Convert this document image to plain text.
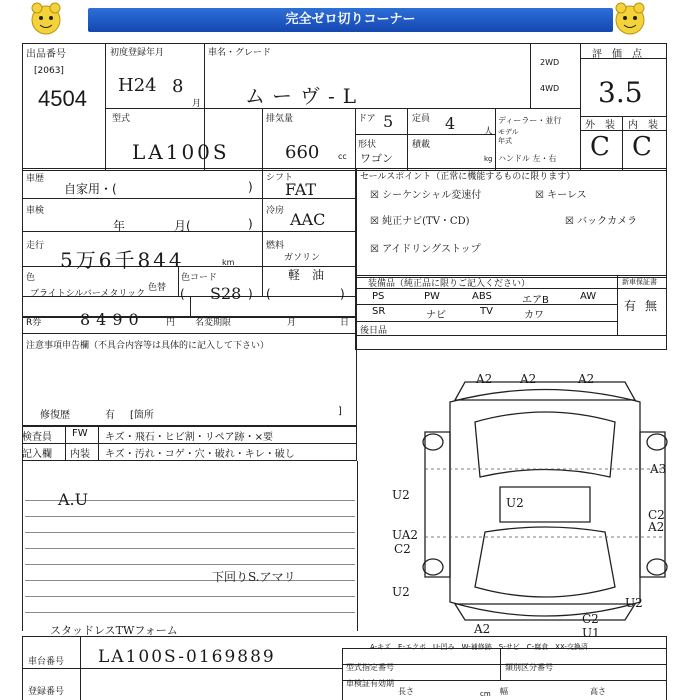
完全ゼロ切りコーナー
出品番号
[2063]
4504
初度登録年月
H24 8
月
車名・グレード
ムーヴ-L
2WD
4WD
評　価　点
3.5
型式
LA100S
排気量
660 cc
ドア 5 定員 4	人
形状
ワゴン
積載
kg
ディーラー・並行
モデル
年式
ハンドル 左・右
外　装 内　装
C C
車歴
自家用・(	)
車検
年	月(	)
走行
5万6千844	km
色
ブライトシルバーメタリック
色替
色コード
( S28 )
シフト
FAT
冷房 AAC
燃料
ガソリン
軽　油
(	)
セールスポイント（正常に機能するものに限ります）
☒ シーケンシャル変速付	☒ キーレス
☒ 純正ナビ(TV・CD)	☒ バックカメラ
☒ アイドリングストップ
装備品（純正品に限りご記入ください）	新車保証書
PS	PW	ABS	エアB	AW
SR	ナビ	TV	カワ
有 無
後日品
R券 8490 円 名変期限	月	日
注意事項申告欄（不具合内容等は具体的に記入して下さい）
修復歴	有 [箇所	]
検査員
記入欄
FW キズ・飛石・ヒビ割・リペア跡・×要
内装 キズ・汚れ・コゲ・穴・破れ・キレ・破し
A.U
下回りS.アマリ
スタッドレスTWフォーム
A2 A2	A2
A3
U2
U2
U2
C2
A2
UA2
C2
U2
A2
C2
U1
A-キズ　E-エクボ　U-凹み　W-補修跡　S-サビ　C-腐食　XX-交換済
車台番号 LA100S-0169889
登録番号
型式指定番号	類別区分番号
車検証有効期
長さ	幅	高さ
cm
